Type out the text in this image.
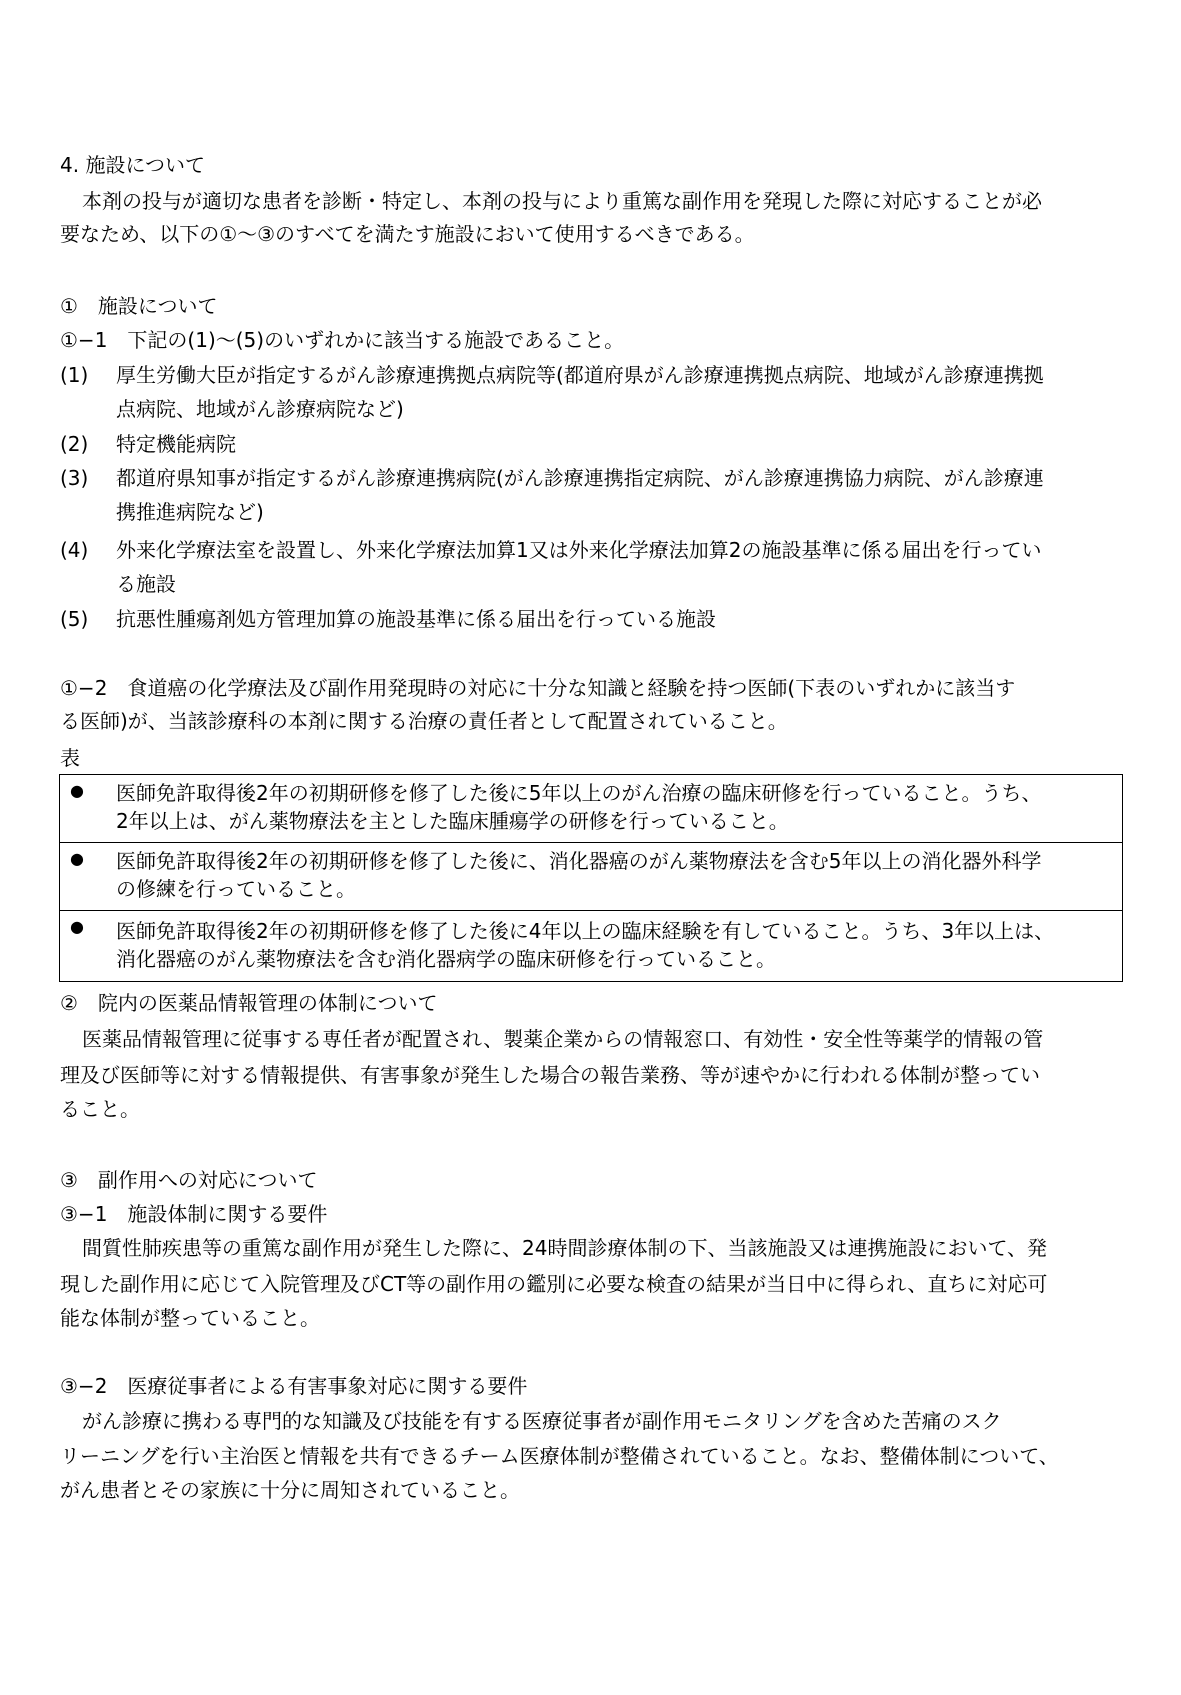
4. 施設について
本剤の投与が適切な患者を診断・特定し、本剤の投与により重篤な副作用を発現した際に対応することが必
要なため、以下の①～③のすべてを満たす施設において使用するべきである。
①　施設について
①−1　下記の(1)～(5)のいずれかに該当する施設であること。
(1) 厚生労働大臣が指定するがん診療連携拠点病院等(都道府県がん診療連携拠点病院、地域がん診療連携拠
点病院、地域がん診療病院など)
(2) 特定機能病院
(3) 都道府県知事が指定するがん診療連携病院(がん診療連携指定病院、がん診療連携協力病院、がん診療連
携推進病院など)
(4) 外来化学療法室を設置し、外来化学療法加算1又は外来化学療法加算2の施設基準に係る届出を行ってい
る施設
(5) 抗悪性腫瘍剤処方管理加算の施設基準に係る届出を行っている施設
①−2　食道癌の化学療法及び副作用発現時の対応に十分な知識と経験を持つ医師(下表のいずれかに該当す
る医師)が、当該診療科の本剤に関する治療の責任者として配置されていること。
表
● 医師免許取得後2年の初期研修を修了した後に5年以上のがん治療の臨床研修を行っていること。うち、
2年以上は、がん薬物療法を主とした臨床腫瘍学の研修を行っていること。
● 医師免許取得後2年の初期研修を修了した後に、消化器癌のがん薬物療法を含む5年以上の消化器外科学
の修練を行っていること。
● 医師免許取得後2年の初期研修を修了した後に4年以上の臨床経験を有していること。うち、3年以上は、
消化器癌のがん薬物療法を含む消化器病学の臨床研修を行っていること。
②　院内の医薬品情報管理の体制について
医薬品情報管理に従事する専任者が配置され、製薬企業からの情報窓口、有効性・安全性等薬学的情報の管
理及び医師等に対する情報提供、有害事象が発生した場合の報告業務、等が速やかに行われる体制が整ってい
ること。
③　副作用への対応について
③−1　施設体制に関する要件
間質性肺疾患等の重篤な副作用が発生した際に、24時間診療体制の下、当該施設又は連携施設において、発
現した副作用に応じて入院管理及びCT等の副作用の鑑別に必要な検査の結果が当日中に得られ、直ちに対応可
能な体制が整っていること。
③−2　医療従事者による有害事象対応に関する要件
がん診療に携わる専門的な知識及び技能を有する医療従事者が副作用モニタリングを含めた苦痛のスク
リーニングを行い主治医と情報を共有できるチーム医療体制が整備されていること。なお、整備体制について、
がん患者とその家族に十分に周知されていること。
